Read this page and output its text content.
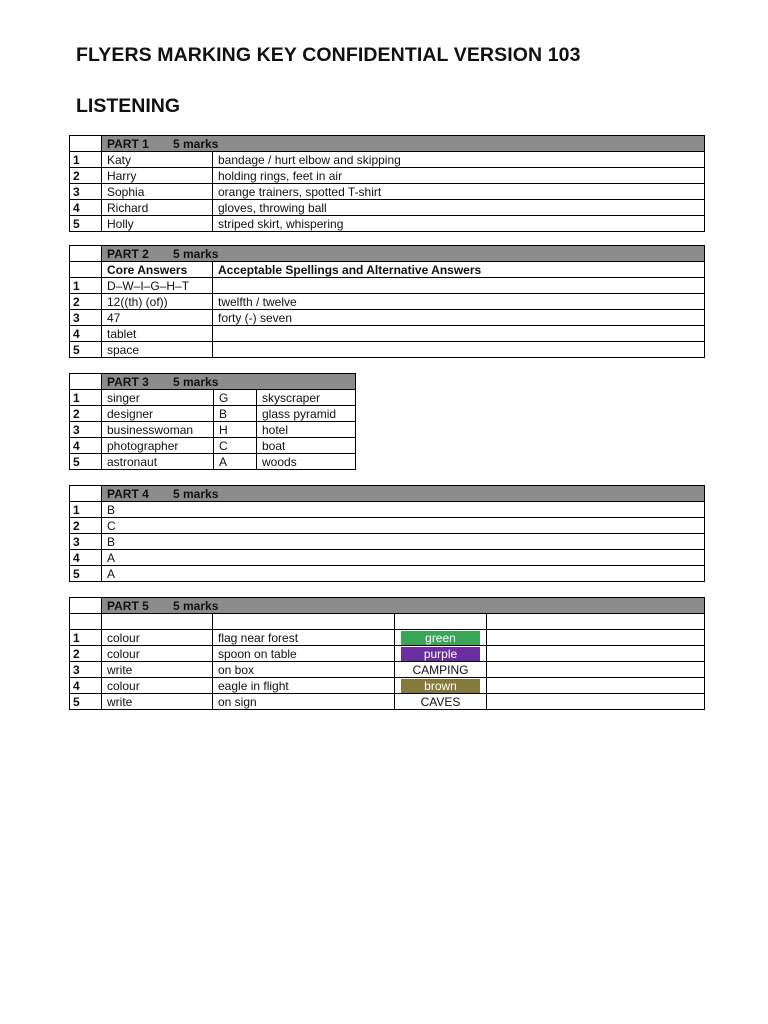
FLYERS MARKING KEY CONFIDENTIAL VERSION 103
LISTENING
	PART 1 5 marks	
1	Katy	bandage / hurt elbow and skipping
2	Harry	holding rings, feet in air
3	Sophia	orange trainers, spotted T-shirt
4	Richard	gloves, throwing ball
5	Holly	striped skirt, whispering
	PART 2 5 marks	
	Core Answers	Acceptable Spellings and Alternative Answers
1	D–W–I–G–H–T	
2	12((th) (of))	twelfth / twelve
3	47	forty (-) seven
4	tablet	
5	space	
	PART 3 5 marks		
1	singer	G	skyscraper
2	designer	B	glass pyramid
3	businesswoman	H	hotel
4	photographer	C	boat
5	astronaut	A	woods
	PART 4 5 marks
1	B
2	C
3	B
4	A
5	A
	PART 5 5 marks			

1	colour	flag near forest	green	

2	colour	spoon on table	purple	

3	write	on box	CAMPING	
4	colour	eagle in flight	brown	

5	write	on sign	CAVES	
